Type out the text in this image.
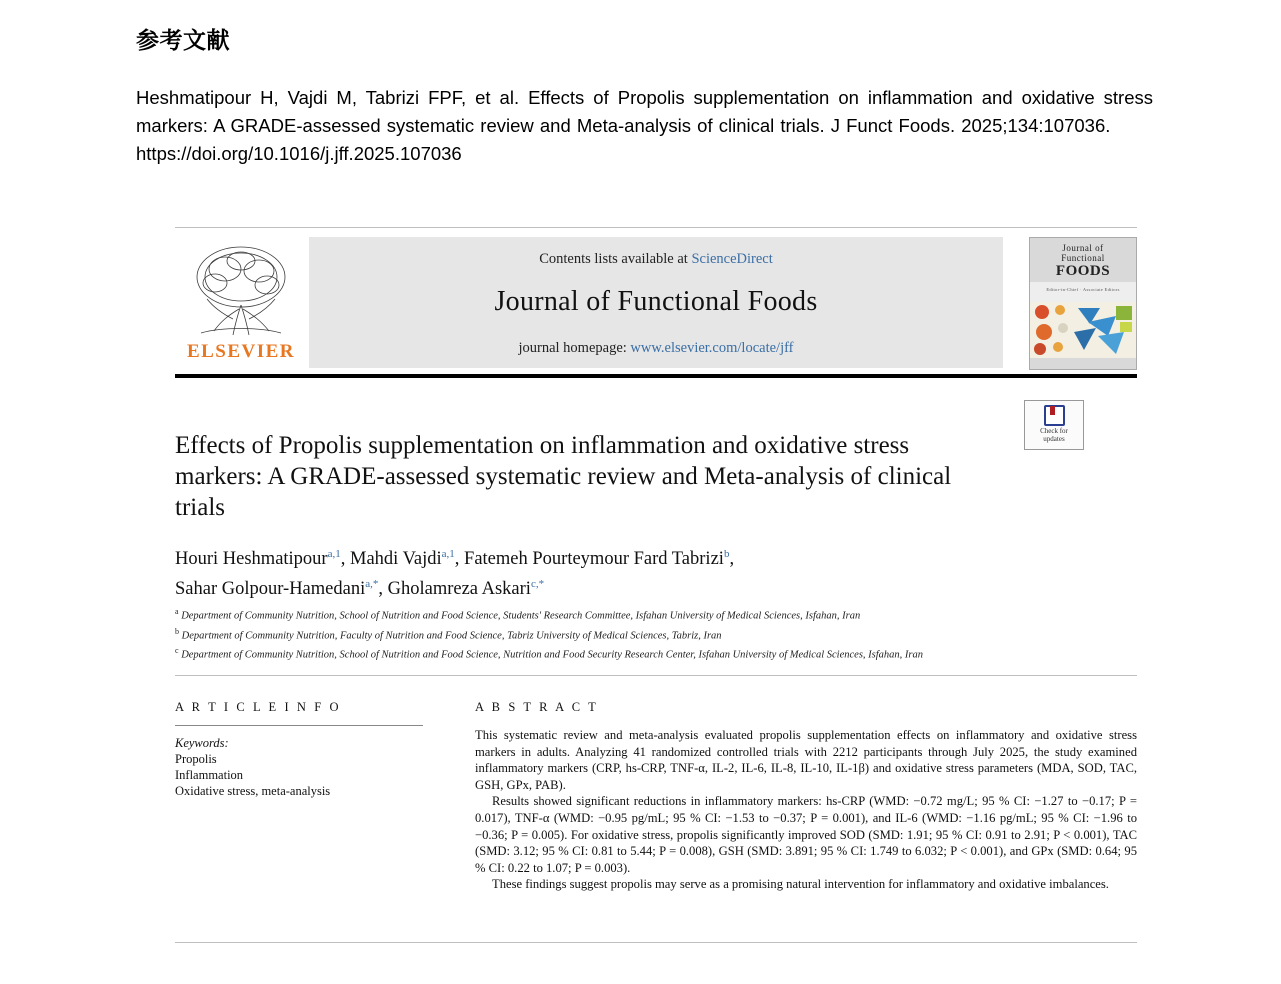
参考文献
Heshmatipour H, Vajdi M, Tabrizi FPF, et al. Effects of Propolis supplementation on inflammation and oxidative stress markers: A GRADE-assessed systematic review and Meta-analysis of clinical trials. J Funct Foods. 2025;134:107036.
https://doi.org/10.1016/j.jff.2025.107036
ELSEVIER
Contents lists available at ScienceDirect
Journal of Functional Foods
journal homepage: www.elsevier.com/locate/jff
Journal of
Functional
FOODS
Editor-in-Chief · Associate Editors
Check for
updates
Effects of Propolis supplementation on inflammation and oxidative stress markers: A GRADE-assessed systematic review and Meta-analysis of clinical trials
Houri Heshmatipour$^{a,1}$, Mahdi Vajdi$^{a,1}$, Fatemeh Pourteymour Fard Tabrizi$^b$,
Sahar Golpour-Hamedani$^{a,*}$, Gholamreza Askari$^{c,*}$
$^a$ Department of Community Nutrition, School of Nutrition and Food Science, Students' Research Committee, Isfahan University of Medical Sciences, Isfahan, Iran
$^b$ Department of Community Nutrition, Faculty of Nutrition and Food Science, Tabriz University of Medical Sciences, Tabriz, Iran
$^c$ Department of Community Nutrition, School of Nutrition and Food Science, Nutrition and Food Security Research Center, Isfahan University of Medical Sciences, Isfahan, Iran
A R T I C L E I N F O
Keywords:
Propolis
Inflammation
Oxidative stress, meta-analysis
A B S T R A C T

This systematic review and meta-analysis evaluated propolis supplementation effects on inflammatory and oxidative stress markers in adults. Analyzing 41 randomized controlled trials with 2212 participants through July 2025, the study examined inflammatory markers (CRP, hs-CRP, TNF-α, IL-2, IL-6, IL-8, IL-10, IL-1β) and oxidative stress parameters (MDA, SOD, TAC, GSH, GPx, PAB).

Results showed significant reductions in inflammatory markers: hs-CRP (WMD: −0.72 mg/L; 95 % CI: −1.27 to −0.17; P = 0.017), TNF-α (WMD: −0.95 pg/mL; 95 % CI: −1.53 to −0.37; P = 0.001), and IL-6 (WMD: −1.16 pg/mL; 95 % CI: −1.96 to −0.36; P = 0.005). For oxidative stress, propolis significantly improved SOD (SMD: 1.91; 95 % CI: 0.91 to 2.91; P < 0.001), TAC (SMD: 3.12; 95 % CI: 0.81 to 5.44; P = 0.008), GSH (SMD: 3.891; 95 % CI: 1.749 to 6.032; P < 0.001), and GPx (SMD: 0.64; 95 % CI: 0.22 to 1.07; P = 0.003).

These findings suggest propolis may serve as a promising natural intervention for inflammatory and oxidative imbalances.
